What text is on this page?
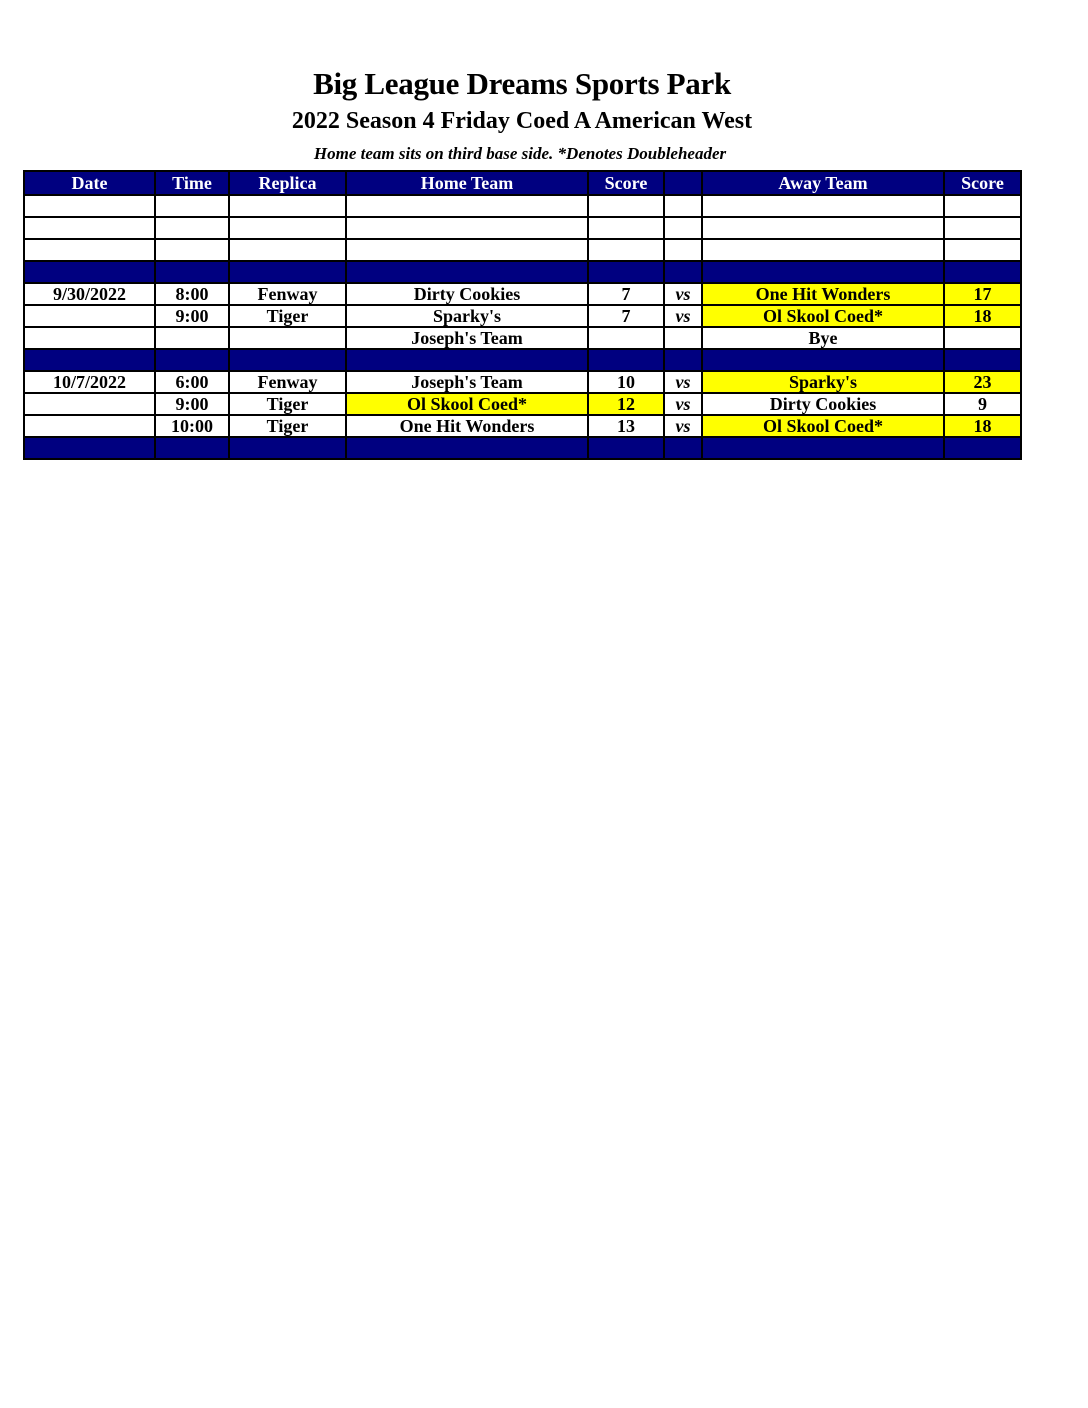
Big League Dreams Sports Park
2022 Season 4 Friday Coed A American West
Home team sits on third base side. *Denotes Doubleheader
Date	Time	Replica	Home Team	Score		Away Team	Score

9/30/2022	8:00	Fenway	Dirty Cookies	7	vs	One Hit Wonders	17
	9:00	Tiger	Sparky's	7	vs	Ol Skool Coed*	18
			Joseph's Team			Bye	

10/7/2022	6:00	Fenway	Joseph's Team	10	vs	Sparky's	23
	9:00	Tiger	Ol Skool Coed*	12	vs	Dirty Cookies	9
	10:00	Tiger	One Hit Wonders	13	vs	Ol Skool Coed*	18
